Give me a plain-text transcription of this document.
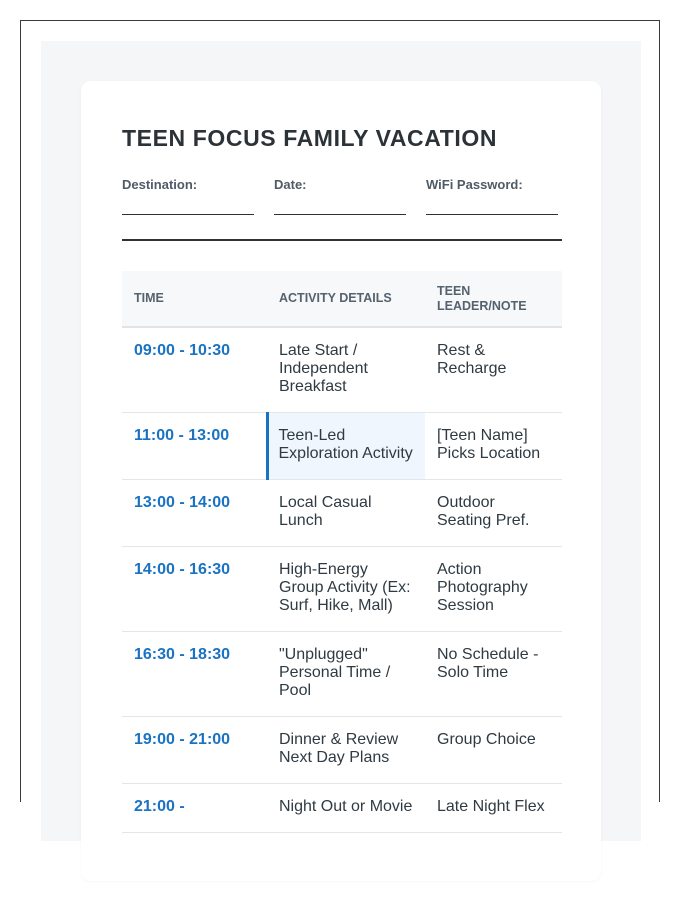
TEEN FOCUS FAMILY VACATION
Destination:	Date:	WiFi Password:
TIME	ACTIVITY DETAILS	TEEN LEADER/NOTE
09:00 - 10:30	Late Start / Independent Breakfast	Rest & Recharge
11:00 - 13:00	Teen-Led Exploration Activity	[Teen Name] Picks Location
13:00 - 14:00	Local Casual Lunch	Outdoor Seating Pref.
14:00 - 16:30	High-Energy Group Activity (Ex: Surf, Hike, Mall)	Action Photography Session
16:30 - 18:30	"Unplugged" Personal Time / Pool	No Schedule - Solo Time
19:00 - 21:00	Dinner & Review Next Day Plans	Group Choice
21:00 -	Night Out or Movie	Late Night Flex
